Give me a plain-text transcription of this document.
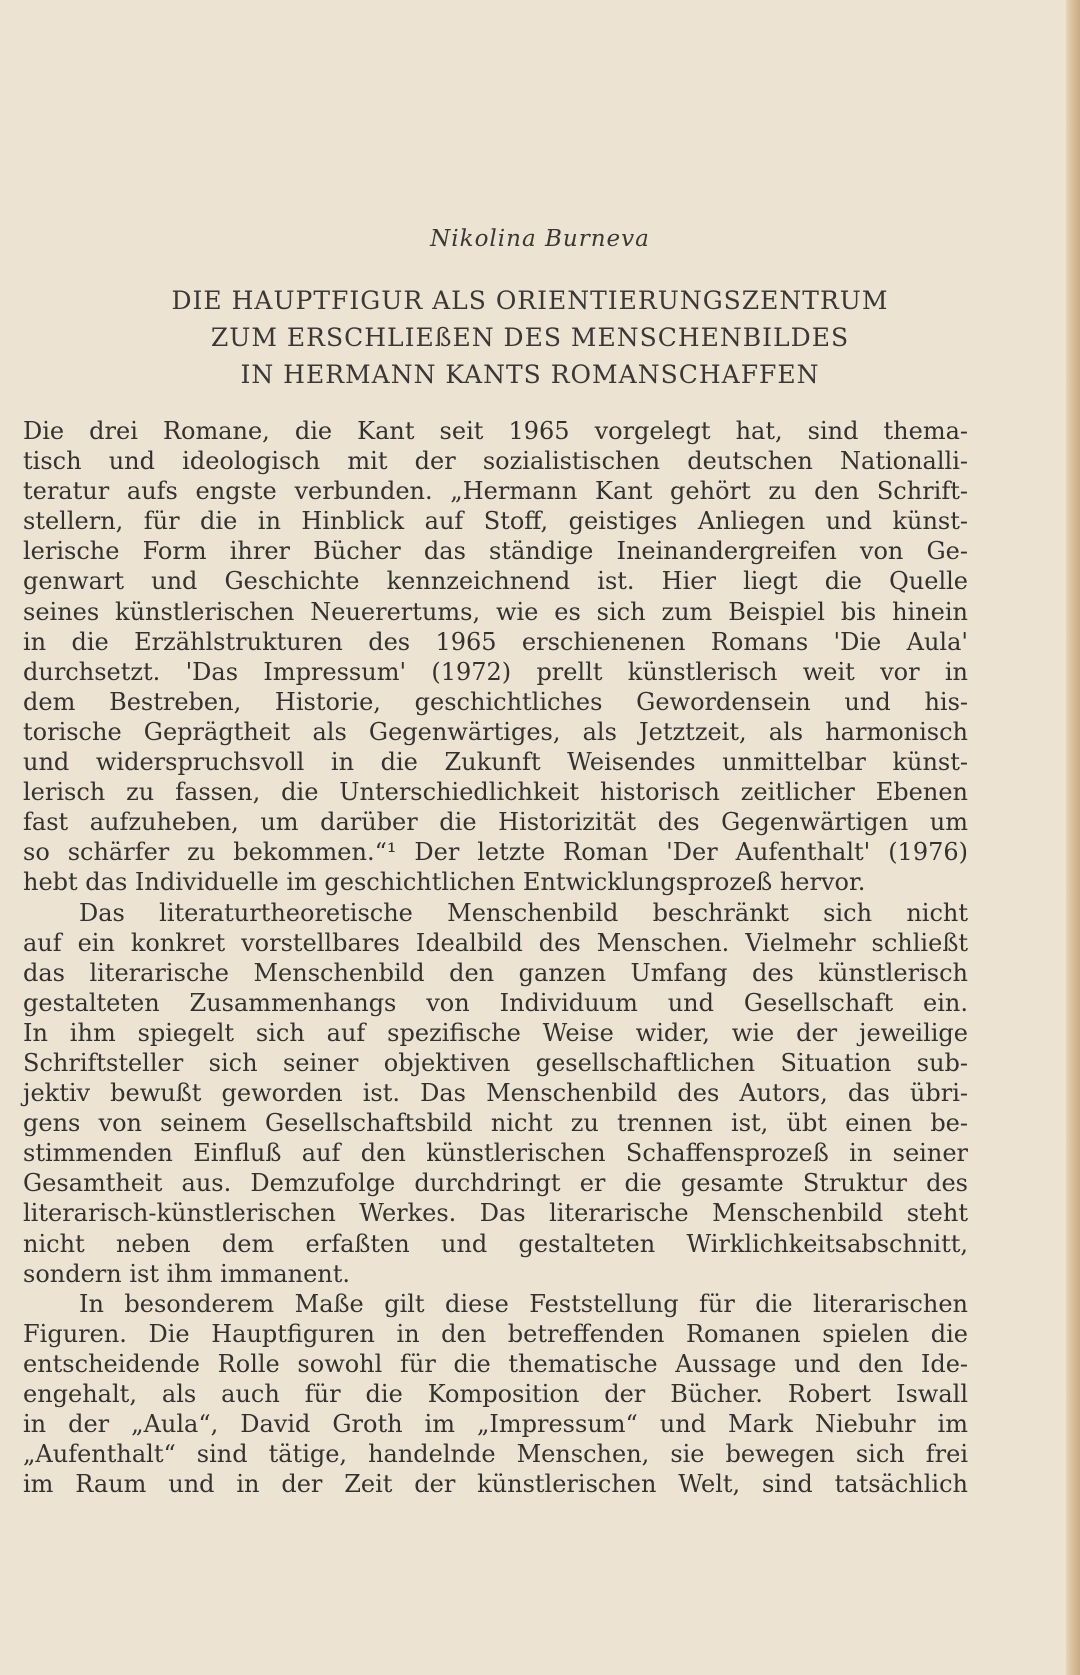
Nikolina Burneva
DIE HAUPTFIGUR ALS ORIENTIERUNGSZENTRUM
ZUM ERSCHLIEßEN DES MENSCHENBILDES
IN HERMANN KANTS ROMANSCHAFFEN
Die drei Romane, die Kant seit 1965 vorgelegt hat, sind thema-
tisch und ideologisch mit der sozialistischen deutschen Nationalli-
teratur aufs engste verbunden. „Hermann Kant gehört zu den Schrift-
stellern, für die in Hinblick auf Stoff, geistiges Anliegen und künst-
lerische Form ihrer Bücher das ständige Ineinandergreifen von Ge-
genwart und Geschichte kennzeichnend ist. Hier liegt die Quelle
seines künstlerischen Neuerertums, wie es sich zum Beispiel bis hinein
in die Erzählstrukturen des 1965 erschienenen Romans 'Die Aula'
durchsetzt. 'Das Impressum' (1972) prellt künstlerisch weit vor in
dem Bestreben, Historie, geschichtliches Gewordensein und his-
torische Geprägtheit als Gegenwärtiges, als Jetztzeit, als harmonisch
und widerspruchsvoll in die Zukunft Weisendes unmittelbar künst-
lerisch zu fassen, die Unterschiedlichkeit historisch zeitlicher Ebenen
fast aufzuheben, um darüber die Historizität des Gegenwärtigen um
so schärfer zu bekommen.“¹ Der letzte Roman 'Der Aufenthalt' (1976)
hebt das Individuelle im geschichtlichen Entwicklungsprozeß hervor.
Das literaturtheoretische Menschenbild beschränkt sich nicht
auf ein konkret vorstellbares Idealbild des Menschen. Vielmehr schließt
das literarische Menschenbild den ganzen Umfang des künstlerisch
gestalteten Zusammenhangs von Individuum und Gesellschaft ein.
In ihm spiegelt sich auf spezifische Weise wider, wie der jeweilige
Schriftsteller sich seiner objektiven gesellschaftlichen Situation sub-
jektiv bewußt geworden ist. Das Menschenbild des Autors, das übri-
gens von seinem Gesellschaftsbild nicht zu trennen ist, übt einen be-
stimmenden Einfluß auf den künstlerischen Schaffensprozeß in seiner
Gesamtheit aus. Demzufolge durchdringt er die gesamte Struktur des
literarisch-künstlerischen Werkes. Das literarische Menschenbild steht
nicht neben dem erfaßten und gestalteten Wirklichkeitsabschnitt,
sondern ist ihm immanent.
In besonderem Maße gilt diese Feststellung für die literarischen
Figuren. Die Hauptfiguren in den betreffenden Romanen spielen die
entscheidende Rolle sowohl für die thematische Aussage und den Ide-
engehalt, als auch für die Komposition der Bücher. Robert Iswall
in der „Aula“, David Groth im „Impressum“ und Mark Niebuhr im
„Aufenthalt“ sind tätige, handelnde Menschen, sie bewegen sich frei
im Raum und in der Zeit der künstlerischen Welt, sind tatsächlich
